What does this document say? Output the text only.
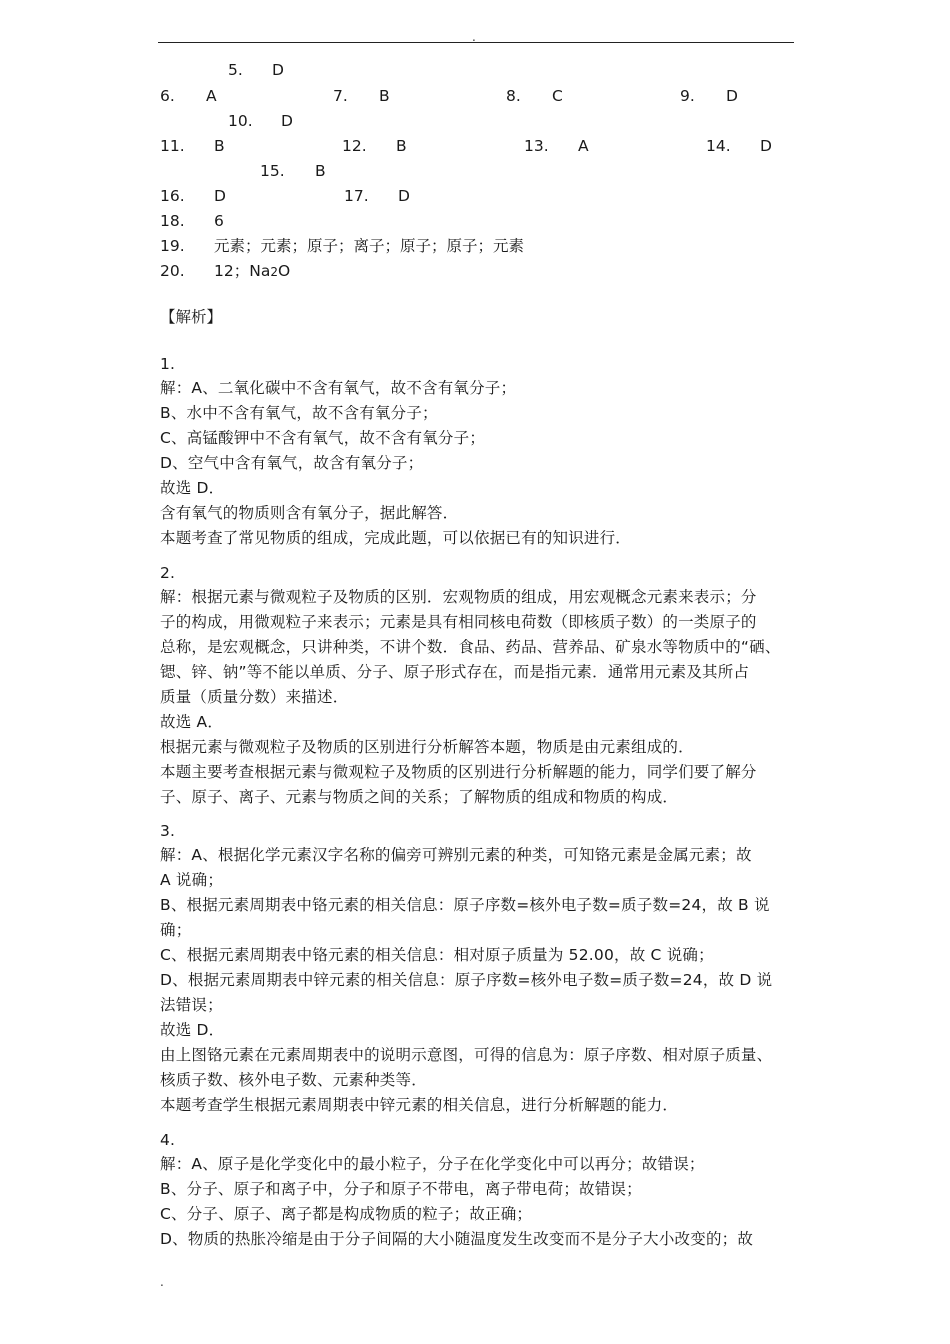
.
5. D
6. A	7. B	8. C	9. D
10. D
11. B	12. B	13. A	14. D
15. B
16. D	17. D
18. 6
19. 元素；元素；原子；离子；原子；原子；元素
20. 12；Na2O
【解析】
1.
解：A、二氧化碳中不含有氧气，故不含有氧分子；
B、水中不含有氧气，故不含有氧分子；
C、高锰酸钾中不含有氧气，故不含有氧分子；
D、空气中含有氧气，故含有氧分子；
故选 D．
含有氧气的物质则含有氧分子，据此解答．
本题考查了常见物质的组成，完成此题，可以依据已有的知识进行．
2.
解：根据元素与微观粒子及物质的区别．宏观物质的组成，用宏观概念元素来表示；分
子的构成，用微观粒子来表示；元素是具有相同核电荷数（即核质子数）的一类原子的
总称，是宏观概念，只讲种类，不讲个数．食品、药品、营养品、矿泉水等物质中的“硒、
锶、锌、钠”等不能以单质、分子、原子形式存在，而是指元素．通常用元素及其所占
质量（质量分数）来描述．
故选 A．
根据元素与微观粒子及物质的区别进行分析解答本题，物质是由元素组成的．
本题主要考查根据元素与微观粒子及物质的区别进行分析解题的能力，同学们要了解分
子、原子、离子、元素与物质之间的关系；了解物质的组成和物质的构成．
3.
解：A、根据化学元素汉字名称的偏旁可辨别元素的种类，可知铬元素是金属元素；故
A 说确；
B、根据元素周期表中铬元素的相关信息：原子序数=核外电子数=质子数=24，故 B 说
确；
C、根据元素周期表中铬元素的相关信息：相对原子质量为 52.00，故 C 说确；
D、根据元素周期表中锌元素的相关信息：原子序数=核外电子数=质子数=24，故 D 说
法错误；
故选 D．
由上图铬元素在元素周期表中的说明示意图，可得的信息为：原子序数、相对原子质量、
核质子数、核外电子数、元素种类等．
本题考查学生根据元素周期表中锌元素的相关信息，进行分析解题的能力．
4.
解：A、原子是化学变化中的最小粒子，分子在化学变化中可以再分；故错误；
B、分子、原子和离子中，分子和原子不带电，离子带电荷；故错误；
C、分子、原子、离子都是构成物质的粒子；故正确；
D、物质的热胀冷缩是由于分子间隔的大小随温度发生改变而不是分子大小改变的；故
.
